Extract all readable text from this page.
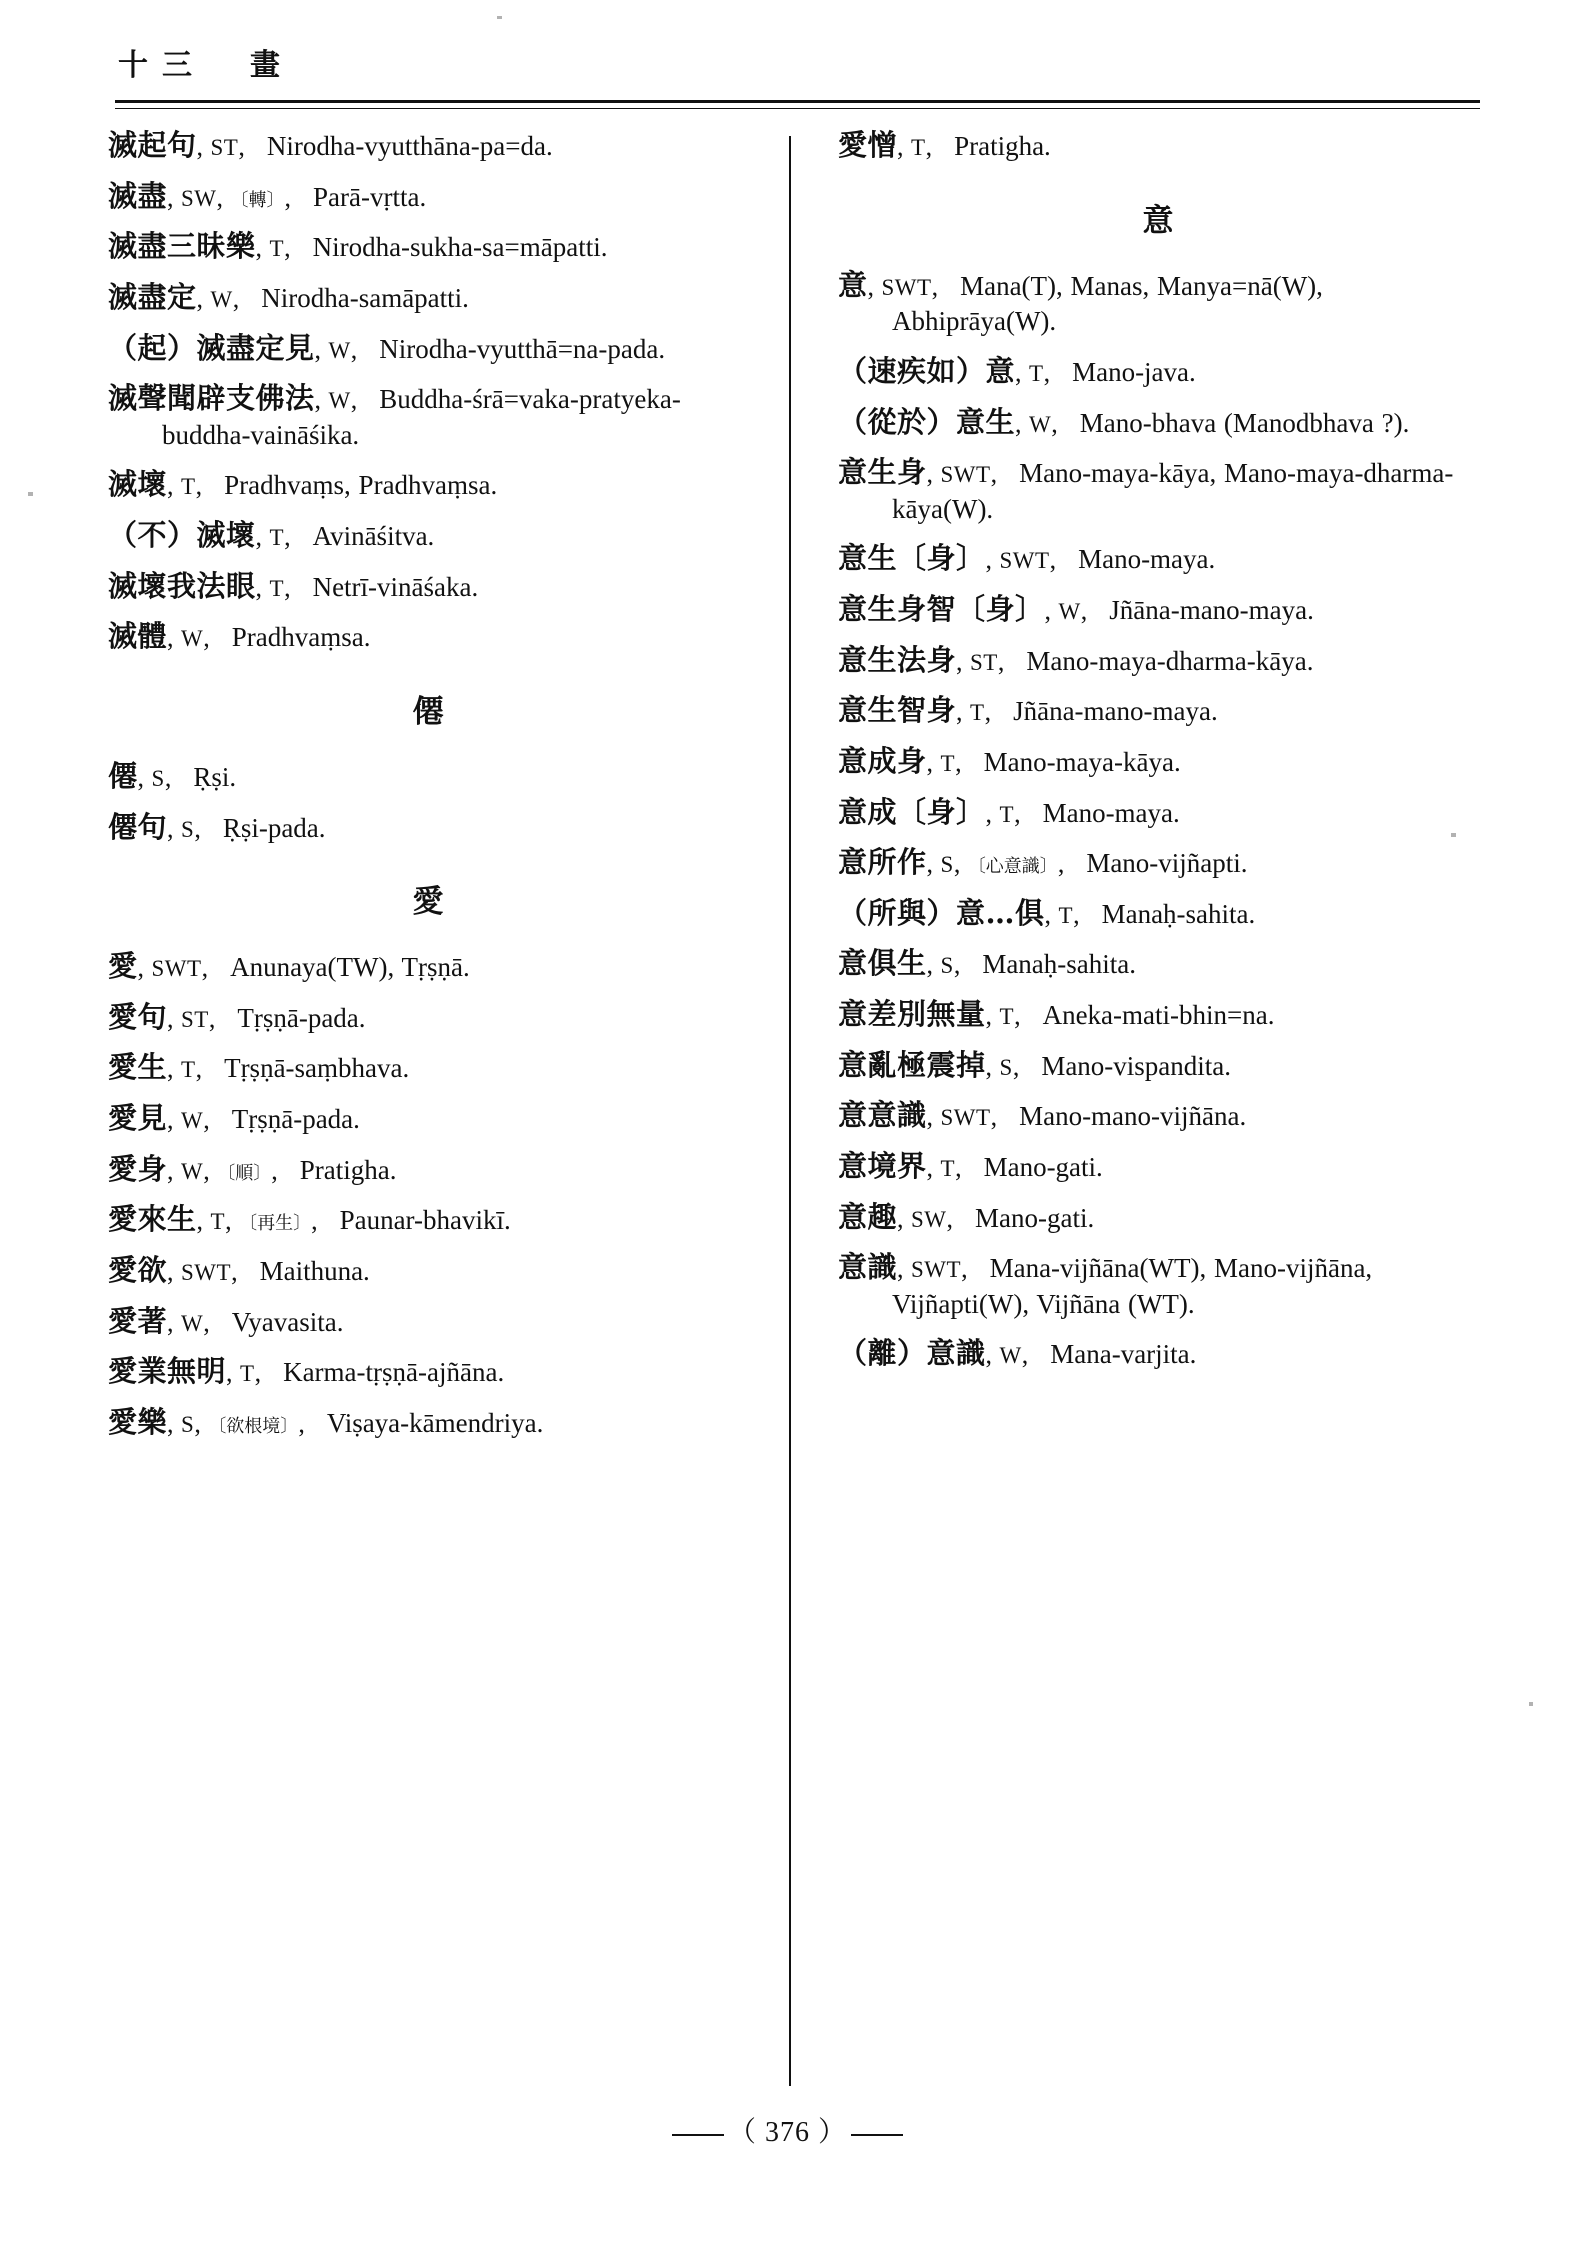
十三　畫
滅起句, ST, Nirodha-vyutthāna-pa=da.
滅盡, SW, 〔轉〕, Parā-vṛtta.
滅盡三昧樂, T, Nirodha-sukha-sa=māpatti.
滅盡定, W, Nirodha-samāpatti.
（起）滅盡定見, W, Nirodha-vyutthā=na-pada.
滅聲聞辟支佛法, W, Buddha-śrā=vaka-pratyeka-buddha-vaināśika.
滅壞, T, Pradhvaṃs, Pradhvaṃsa.
（不）滅壞, T, Avināśitva.
滅壞我法眼, T, Netrī-vināśaka.
滅體, W, Pradhvaṃsa.
僊
僊, S, Ṛṣi.
僊句, S, Ṛṣi-pada.
愛
愛, SWT, Anunaya(TW), Tṛṣṇā.
愛句, ST, Tṛṣṇā-pada.
愛生, T, Tṛṣṇā-saṃbhava.
愛見, W, Tṛṣṇā-pada.
愛身, W, 〔順〕, Pratigha.
愛來生, T, 〔再生〕, Paunar-bhavikī.
愛欲, SWT, Maithuna.
愛著, W, Vyavasita.
愛業無明, T, Karma-tṛṣṇā-ajñāna.
愛樂, S, 〔欲根境〕, Viṣaya-kāmendriya.
愛憎, T, Pratigha.
意
意, SWT, Mana(T), Manas, Manya=nā(W), Abhiprāya(W).
（速疾如）意, T, Mano-java.
（從於）意生, W, Mano-bhava (Manodbhava ?).
意生身, SWT, Mano-maya-kāya, Mano-maya-dharma-kāya(W).
意生〔身〕, SWT, Mano-maya.
意生身智〔身〕, W, Jñāna-mano-maya.
意生法身, ST, Mano-maya-dharma-kāya.
意生智身, T, Jñāna-mano-maya.
意成身, T, Mano-maya-kāya.
意成〔身〕, T, Mano-maya.
意所作, S, 〔心意識〕, Mano-vijñapti.
（所與）意…俱, T, Manaḥ-sahita.
意俱生, S, Manaḥ-sahita.
意差別無量, T, Aneka-mati-bhin=na.
意亂極震掉, S, Mano-vispandita.
意意識, SWT, Mano-mano-vijñāna.
意境界, T, Mano-gati.
意趣, SW, Mano-gati.
意識, SWT, Mana-vijñāna(WT), Mano-vijñāna, Vijñapti(W), Vijñāna (WT).
（離）意識, W, Mana-varjita.
（ 376 ）
